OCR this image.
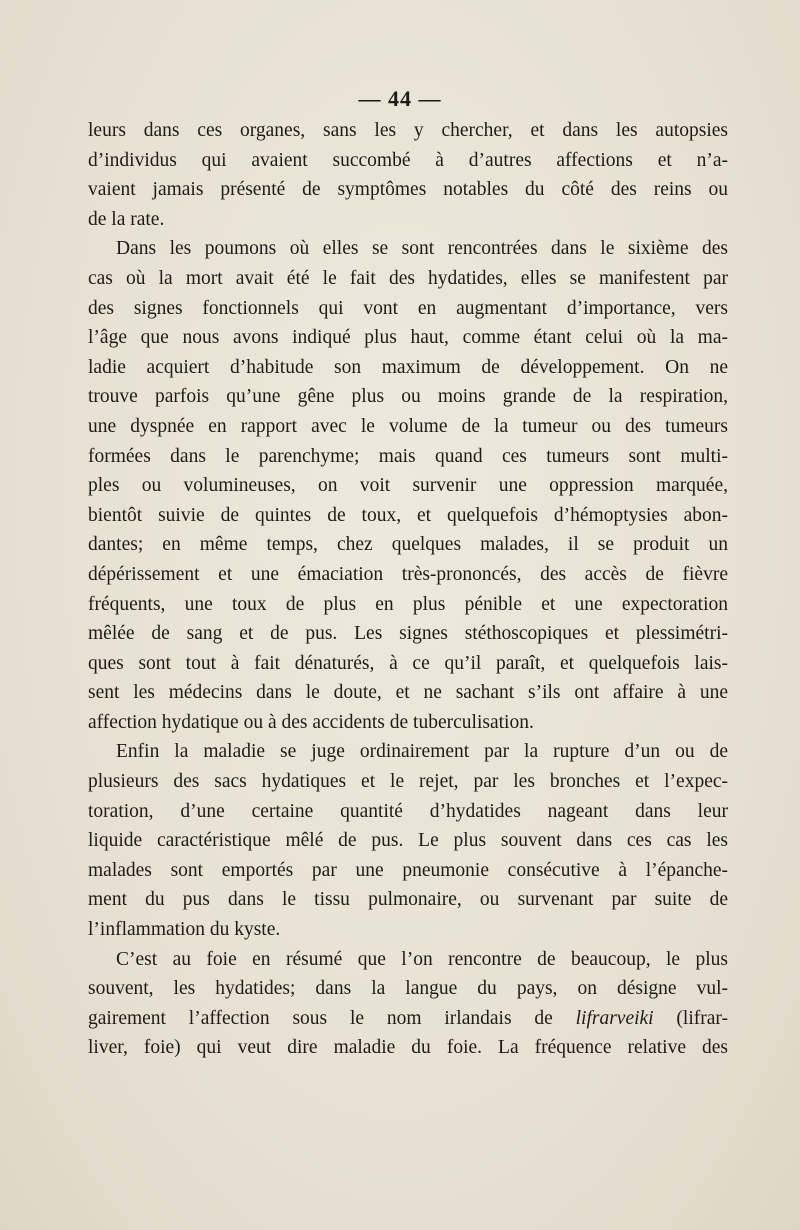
— 44 —
leurs dans ces organes, sans les y chercher, et dans les autopsies
d’individus qui avaient succombé à d’autres affections et n’a-
vaient jamais présenté de symptômes notables du côté des reins ou
de la rate.
Dans les poumons où elles se sont rencontrées dans le sixième des
cas où la mort avait été le fait des hydatides, elles se manifestent par
des signes fonctionnels qui vont en augmentant d’importance, vers
l’âge que nous avons indiqué plus haut, comme étant celui où la ma-
ladie acquiert d’habitude son maximum de développement. On ne
trouve parfois qu’une gêne plus ou moins grande de la respiration,
une dyspnée en rapport avec le volume de la tumeur ou des tumeurs
formées dans le parenchyme; mais quand ces tumeurs sont multi-
ples ou volumineuses, on voit survenir une oppression marquée,
bientôt suivie de quintes de toux, et quelquefois d’hémoptysies abon-
dantes; en même temps, chez quelques malades, il se produit un
dépérissement et une émaciation très-prononcés, des accès de fièvre
fréquents, une toux de plus en plus pénible et une expectoration
mêlée de sang et de pus. Les signes stéthoscopiques et plessimétri-
ques sont tout à fait dénaturés, à ce qu’il paraît, et quelquefois lais-
sent les médecins dans le doute, et ne sachant s’ils ont affaire à une
affection hydatique ou à des accidents de tuberculisation.
Enfin la maladie se juge ordinairement par la rupture d’un ou de
plusieurs des sacs hydatiques et le rejet, par les bronches et l’expec-
toration, d’une certaine quantité d’hydatides nageant dans leur
liquide caractéristique mêlé de pus. Le plus souvent dans ces cas les
malades sont emportés par une pneumonie consécutive à l’épanche-
ment du pus dans le tissu pulmonaire, ou survenant par suite de
l’inflammation du kyste.
C’est au foie en résumé que l’on rencontre de beaucoup, le plus
souvent, les hydatides; dans la langue du pays, on désigne vul-
gairement l’affection sous le nom irlandais de lifrarveiki (lifrar-
liver, foie) qui veut dire maladie du foie. La fréquence relative des
